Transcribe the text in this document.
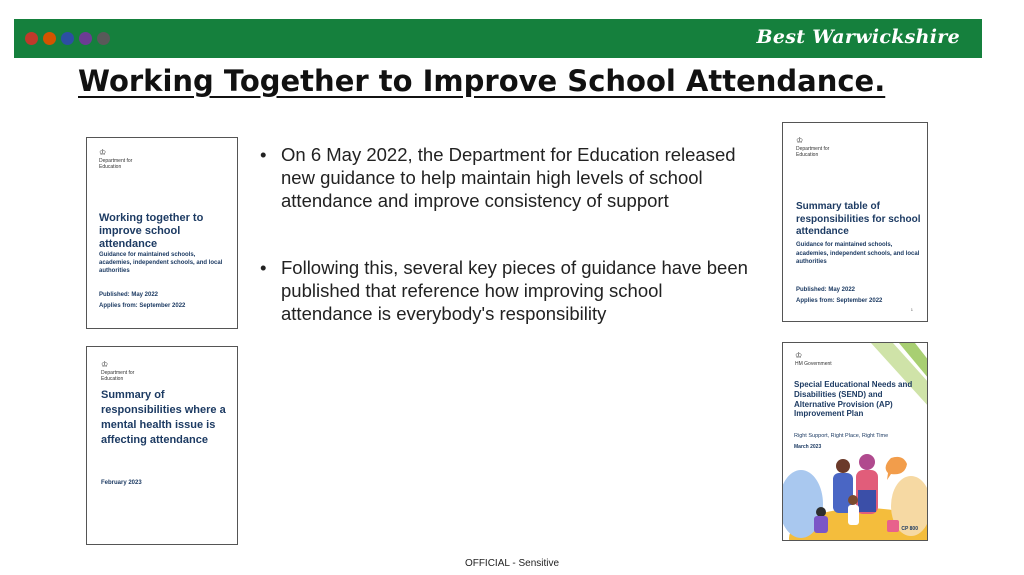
Best Warwickshire
Working Together to Improve School Attendance.
♔
Department for Education
Working together to improve school attendance
Guidance for maintained schools, academies, independent schools, and local authorities
Published: May 2022
Applies from: September 2022
♔
Department for Education
Summary of responsibilities where a mental health issue is affecting attendance
February 2023
• On 6 May 2022, the Department for Education released new guidance to help maintain high levels of school attendance and improve consistency of support
• Following this, several key pieces of guidance have been published that reference how improving school attendance is everybody's responsibility
♔
Department for Education
Summary table of responsibilities for school attendance
Guidance for maintained schools, academies, independent schools, and local authorities
Published: May 2022
Applies from: September 2022
1
♔
HM Government
Special Educational Needs and Disabilities (SEND) and Alternative Provision (AP) Improvement Plan
Right Support, Right Place, Right Time
March 2023
CP 800
OFFICIAL - Sensitive
